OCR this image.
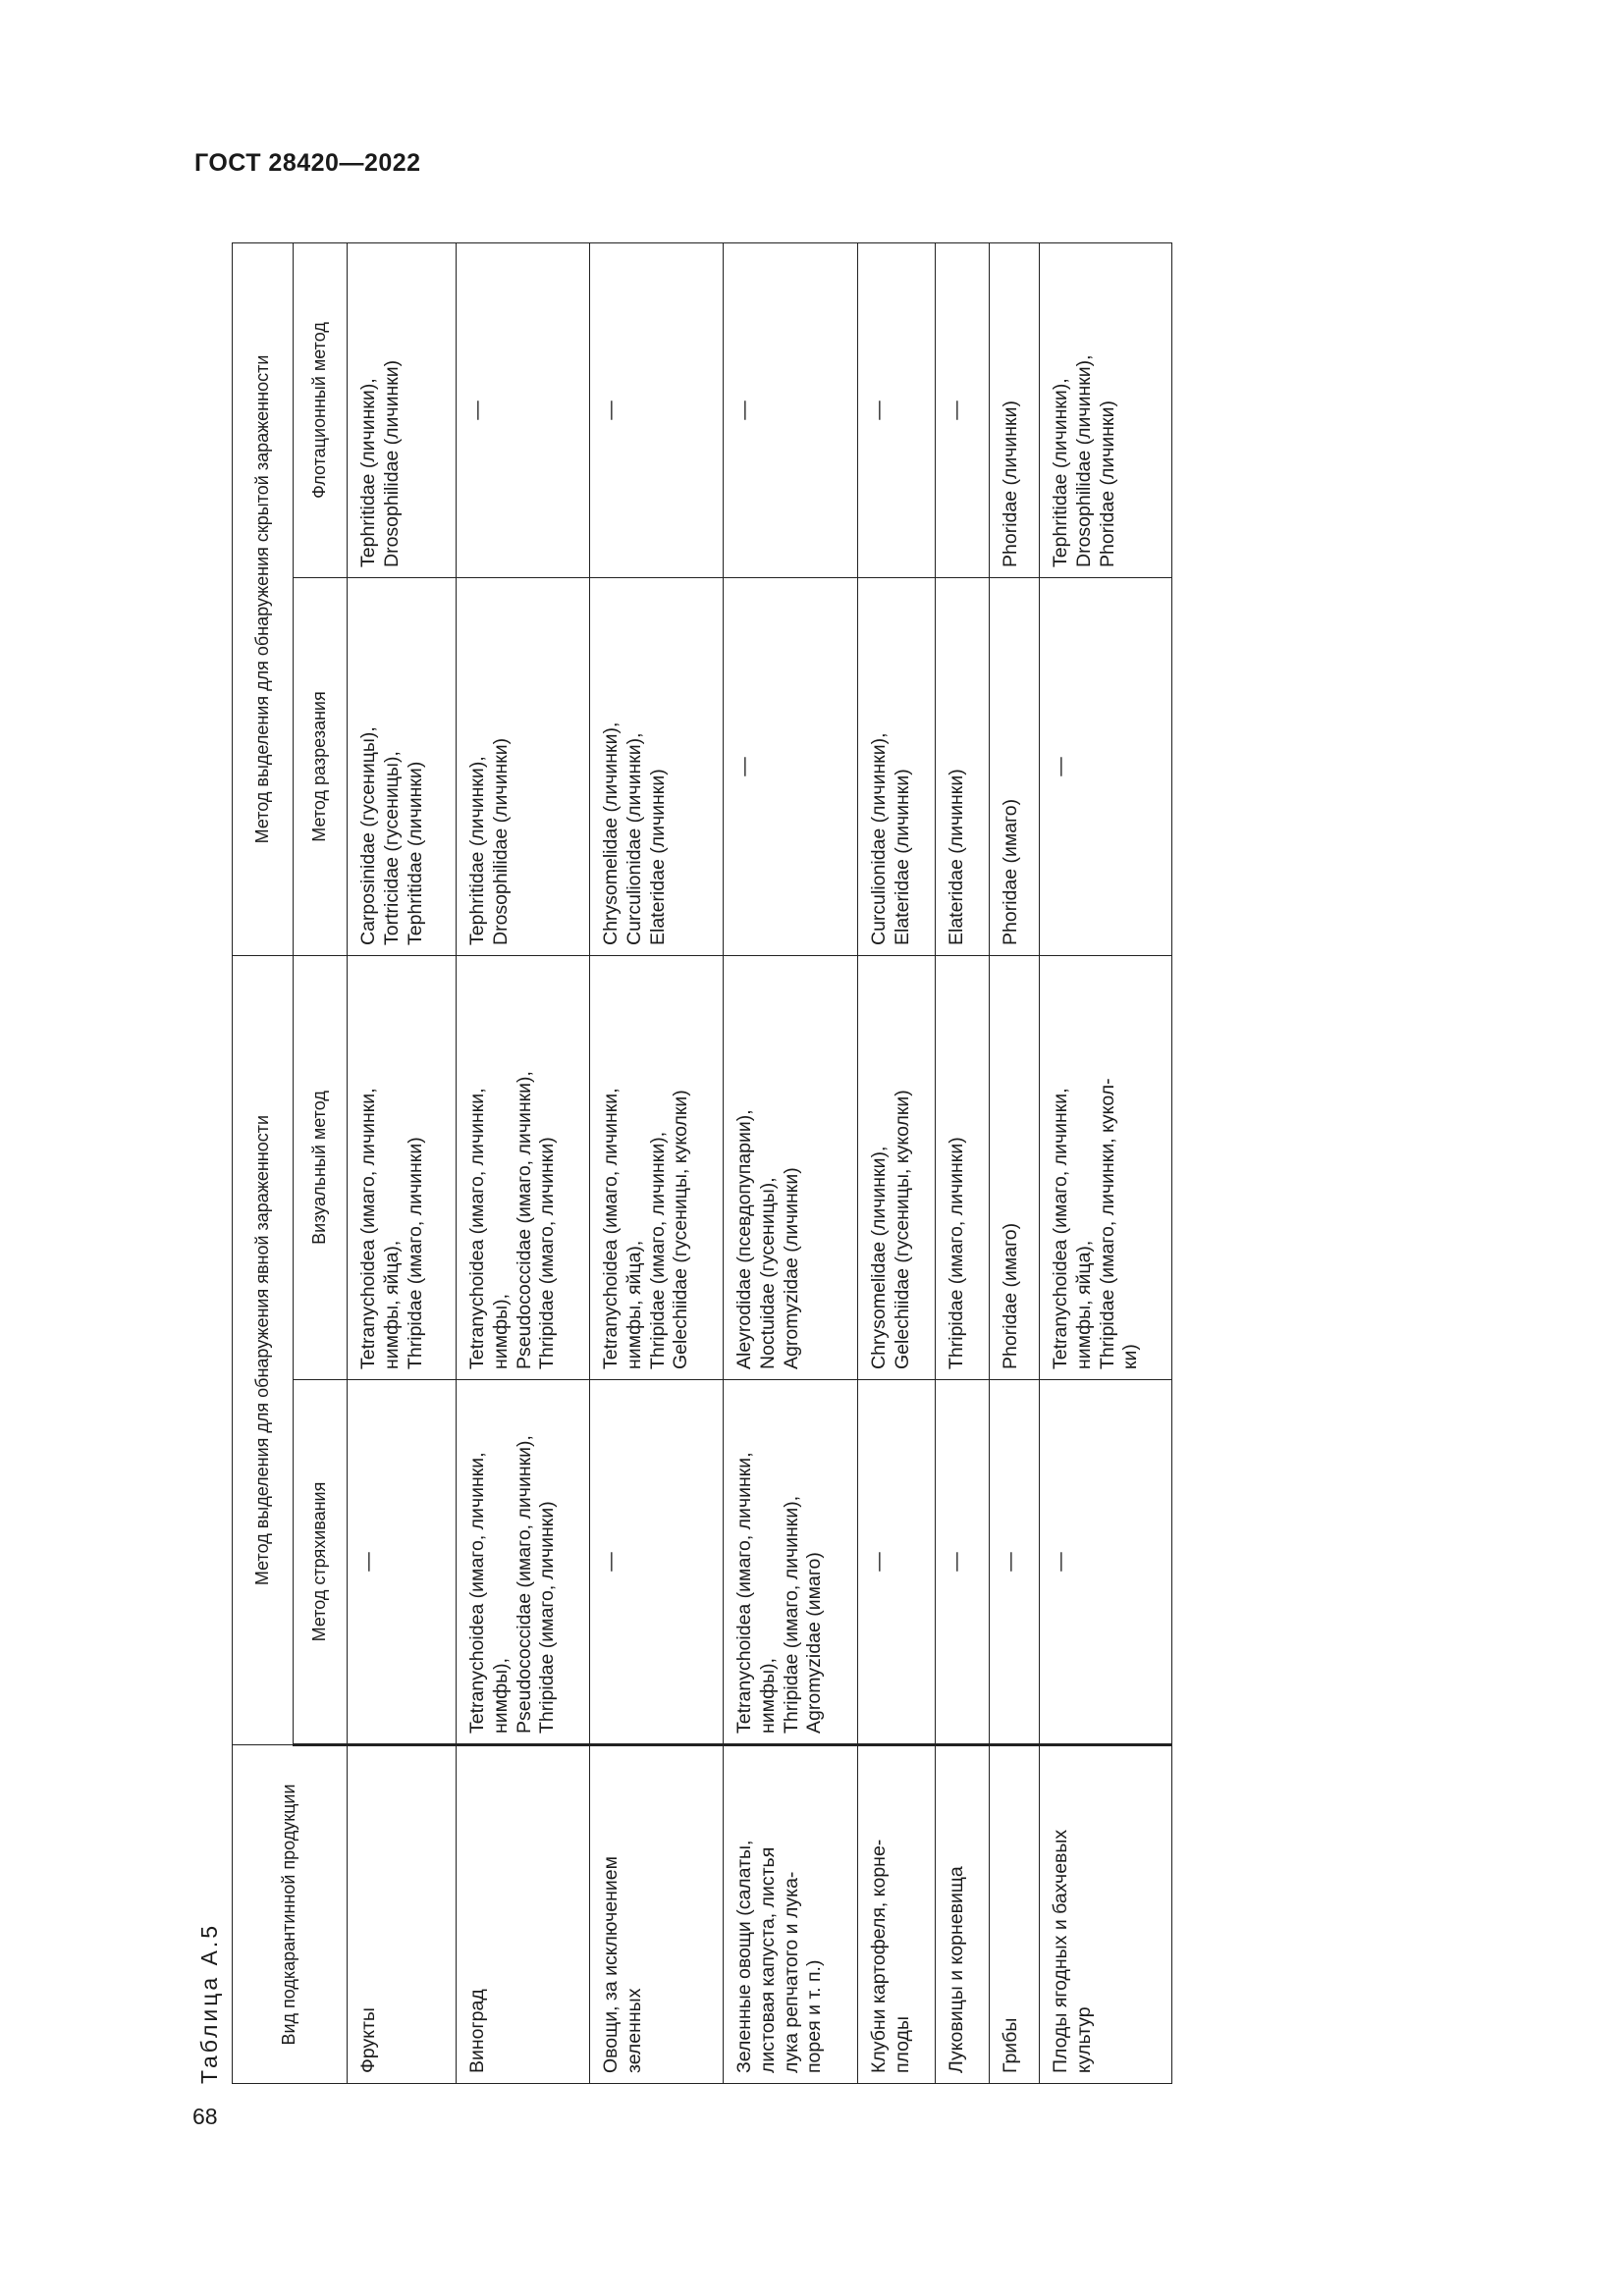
ГОСТ 28420—2022
68
Таблица А.5	Вид подкарантинной продукции	Метод выделения для обнаружения явной зараженности		Метод выделения для обнаружения скрытой зараженности	
	Метод стряхивания	Визуальный метод	Метод разрезания	Флотационный метод
Фрукты	—	Tetranychoidea (имаго, личинки,
нимфы, яйца),
Thripidae (имаго, личинки)	Carposinidae (гусеницы),
Tortricidae (гусеницы),
Tephritidae (личинки)	Tephritidae (личинки),
Drosophilidae (личинки)
Виноград	Tetranychoidea (имаго, личинки,
нимфы),
Pseudococcidae (имаго, личинки),
Thripidae (имаго, личинки)	Tetranychoidea (имаго, личинки,
нимфы),
Pseudococcidae (имаго, личинки),
Thripidae (имаго, личинки)	Tephritidae (личинки),
Drosophilidae (личинки)	—
Овощи, за исключением
зеленных	—	Tetranychoidea (имаго, личинки,
нимфы, яйца),
Thripidae (имаго, личинки),
Gelechiidae (гусеницы, куколки)	Chrysomelidae (личинки),
Curculionidae (личинки),
Elateridae (личинки)	—
Зеленные овощи (салаты,
листовая капуста, листья
лука репчатого и лука-
порея и т. п.)	Tetranychoidea (имаго, личинки,
нимфы),
Thripidae (имаго, личинки),
Agromyzidae (имаго)	Aleyrodidae (псевдопупарии),
Noctuidae (гусеницы),
Agromyzidae (личинки)	—	—
Клубни картофеля, корне-
плоды	—	Chrysomelidae (личинки),
Gelechiidae (гусеницы, куколки)	Curculionidae (личинки),
Elateridae (личинки)	—
Луковицы и корневища	—	Thripidae (имаго, личинки)	Elateridae (личинки)	—
Грибы	—	Phoridae (имаго)	Phoridae (имаго)	Phoridae (личинки)
Плоды ягодных и бахчевых
культур	—	Tetranychoidea (имаго, личинки,
нимфы, яйца),
Thripidae (имаго, личинки, кукол-
ки)	—	Tephritidae (личинки),
Drosophilidae (личинки),
Phoridae (личинки)
